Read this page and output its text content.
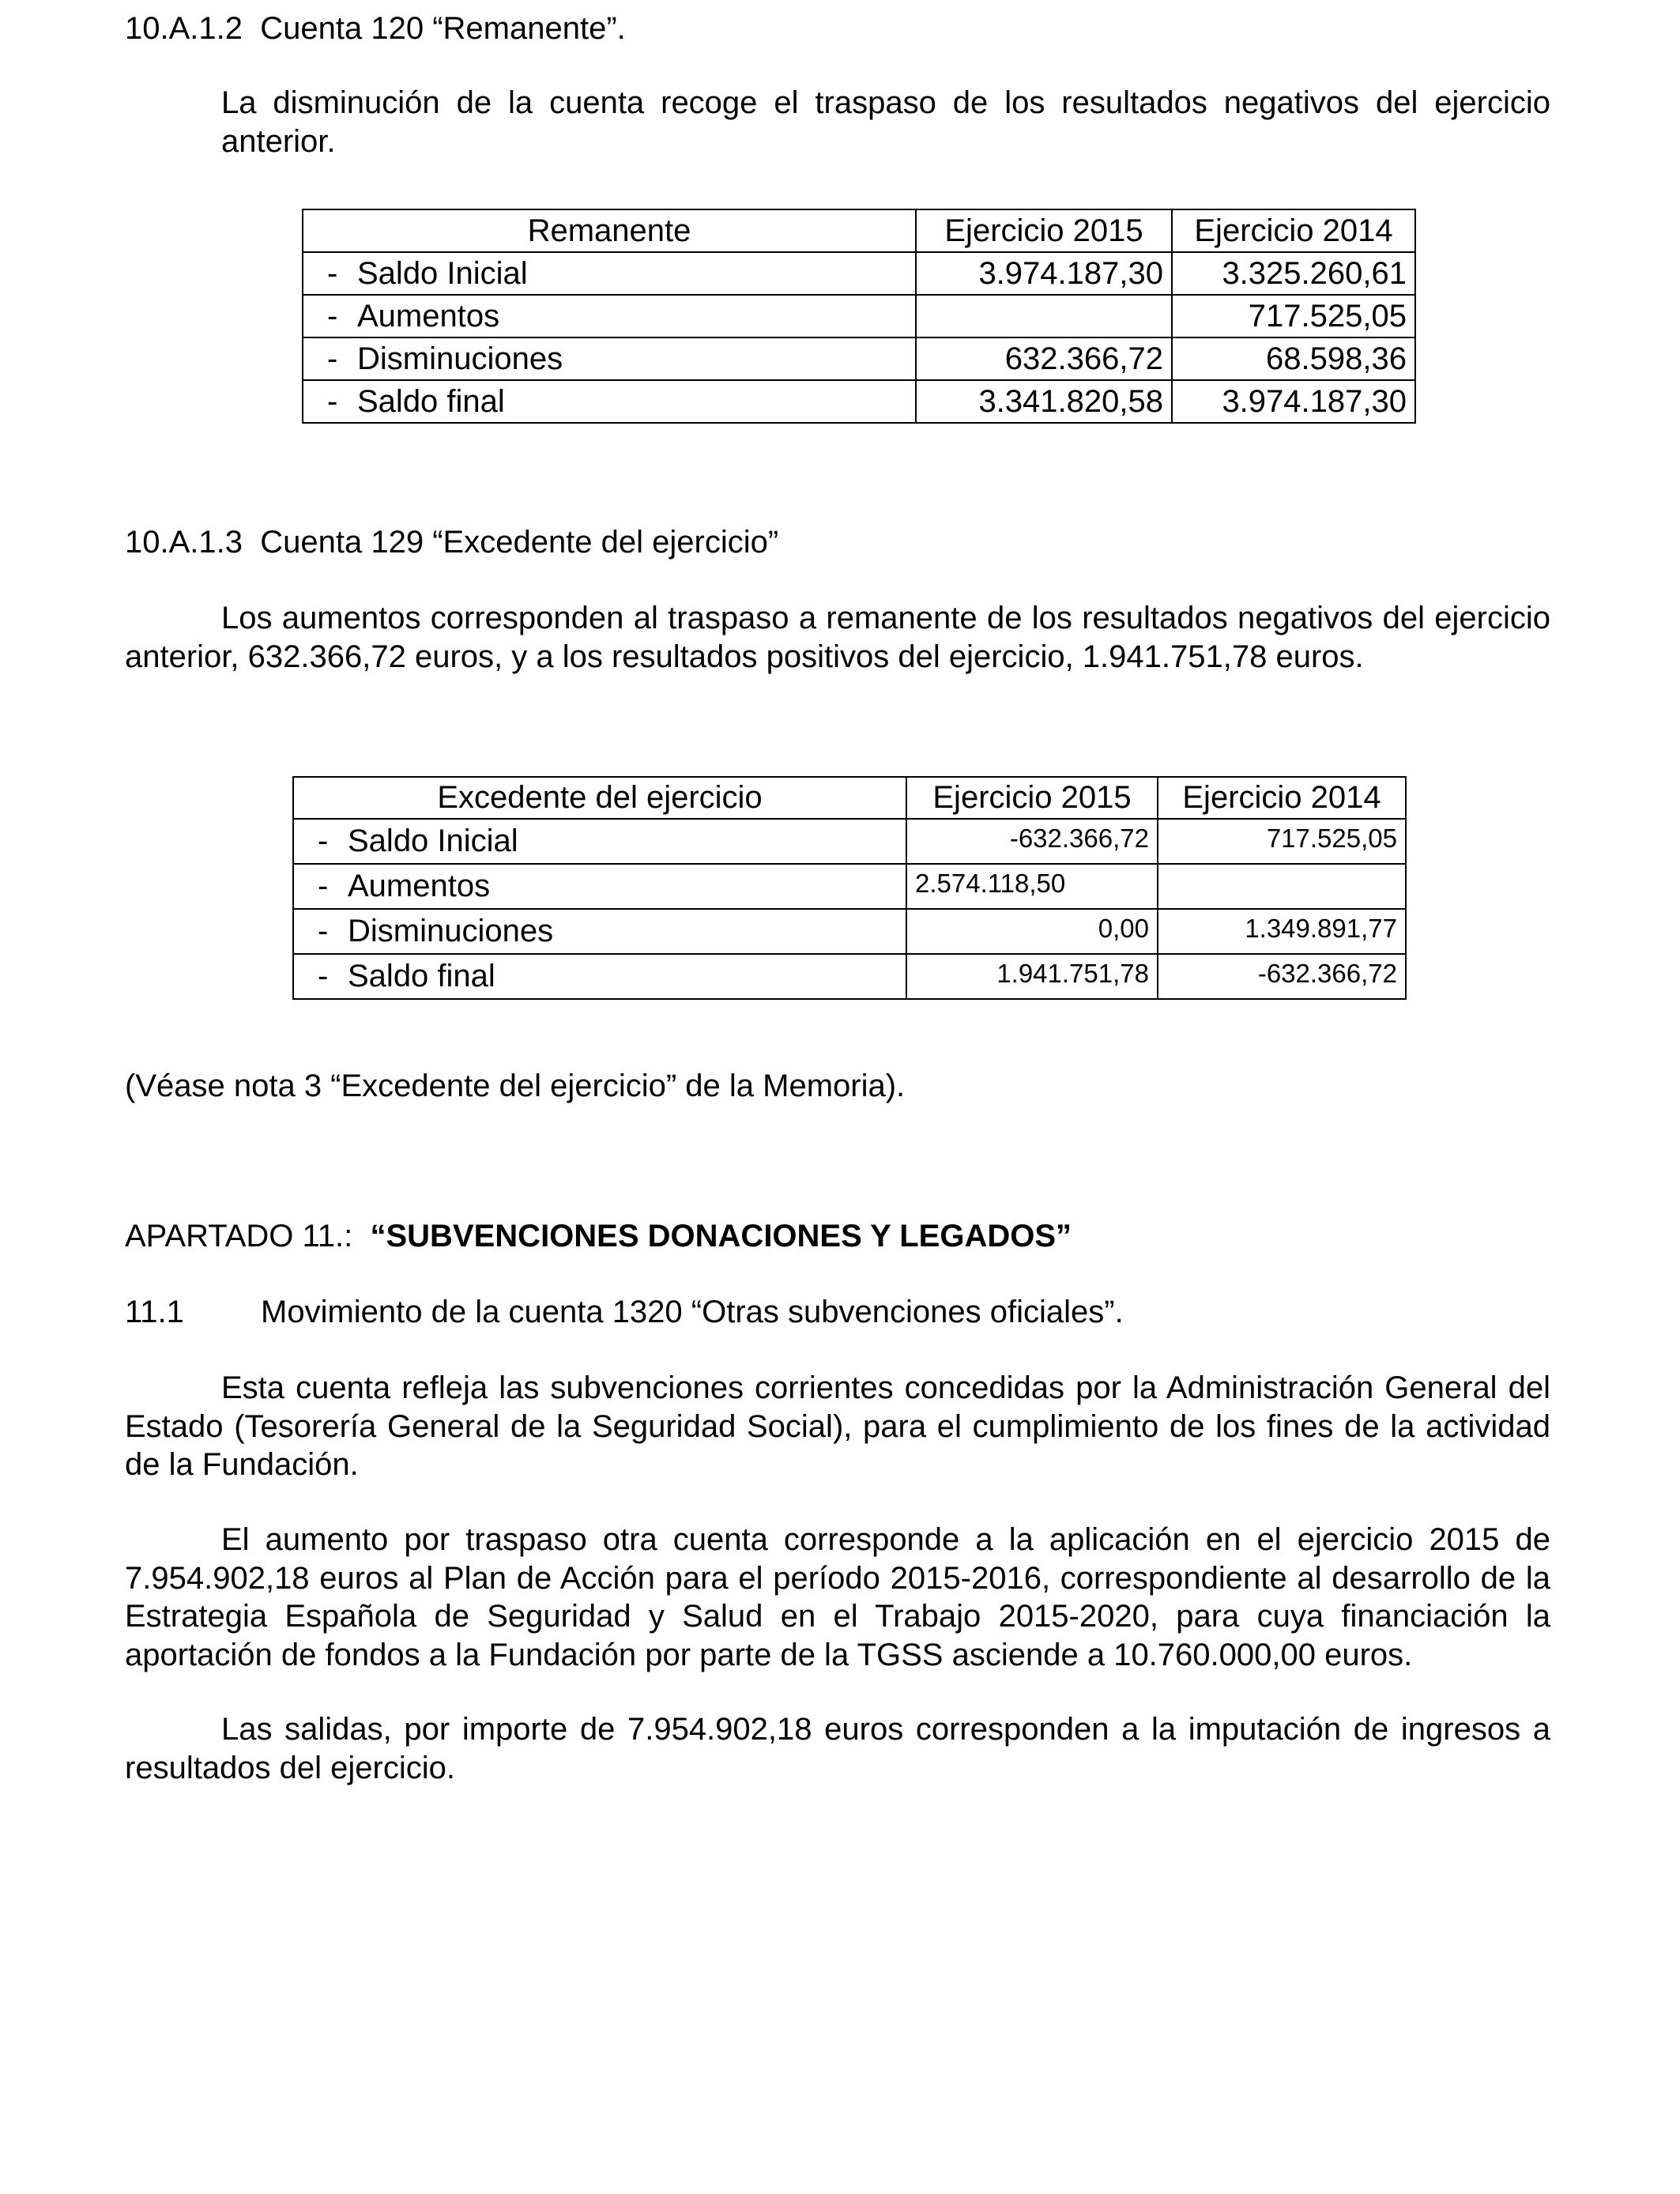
10.A.1.2 Cuenta 120 “Remanente”.
La disminución de la cuenta recoge el traspaso de los resultados negativos del ejercicio anterior.
Remanente	Ejercicio 2015	Ejercicio 2014
- Saldo Inicial	3.974.187,30	3.325.260,61
- Aumentos		717.525,05
- Disminuciones	632.366,72	68.598,36
- Saldo final	3.341.820,58	3.974.187,30
10.A.1.3 Cuenta 129 “Excedente del ejercicio”
Los aumentos corresponden al traspaso a remanente de los resultados negativos del ejercicio anterior, 632.366,72 euros, y a los resultados positivos del ejercicio, 1.941.751,78 euros.
Excedente del ejercicio	Ejercicio 2015	Ejercicio 2014
- Saldo Inicial	-632.366,72	717.525,05
- Aumentos	2.574.118,50	
- Disminuciones	0,00	1.349.891,77
- Saldo final	1.941.751,78	-632.366,72
(Véase nota 3 “Excedente del ejercicio” de la Memoria).
APARTADO 11.: “SUBVENCIONES DONACIONES Y LEGADOS”
11.1 Movimiento de la cuenta 1320 “Otras subvenciones oficiales”.
Esta cuenta refleja las subvenciones corrientes concedidas por la Administración General del Estado (Tesorería General de la Seguridad Social), para el cumplimiento de los fines de la actividad de la Fundación.
El aumento por traspaso otra cuenta corresponde a la aplicación en el ejercicio 2015 de 7.954.902,18 euros al Plan de Acción para el período 2015-2016, correspondiente al desarrollo de la Estrategia Española de Seguridad y Salud en el Trabajo 2015-2020, para cuya financiación la aportación de fondos a la Fundación por parte de la TGSS asciende a 10.760.000,00 euros.
Las salidas, por importe de 7.954.902,18 euros corresponden a la imputación de ingresos a resultados del ejercicio.
